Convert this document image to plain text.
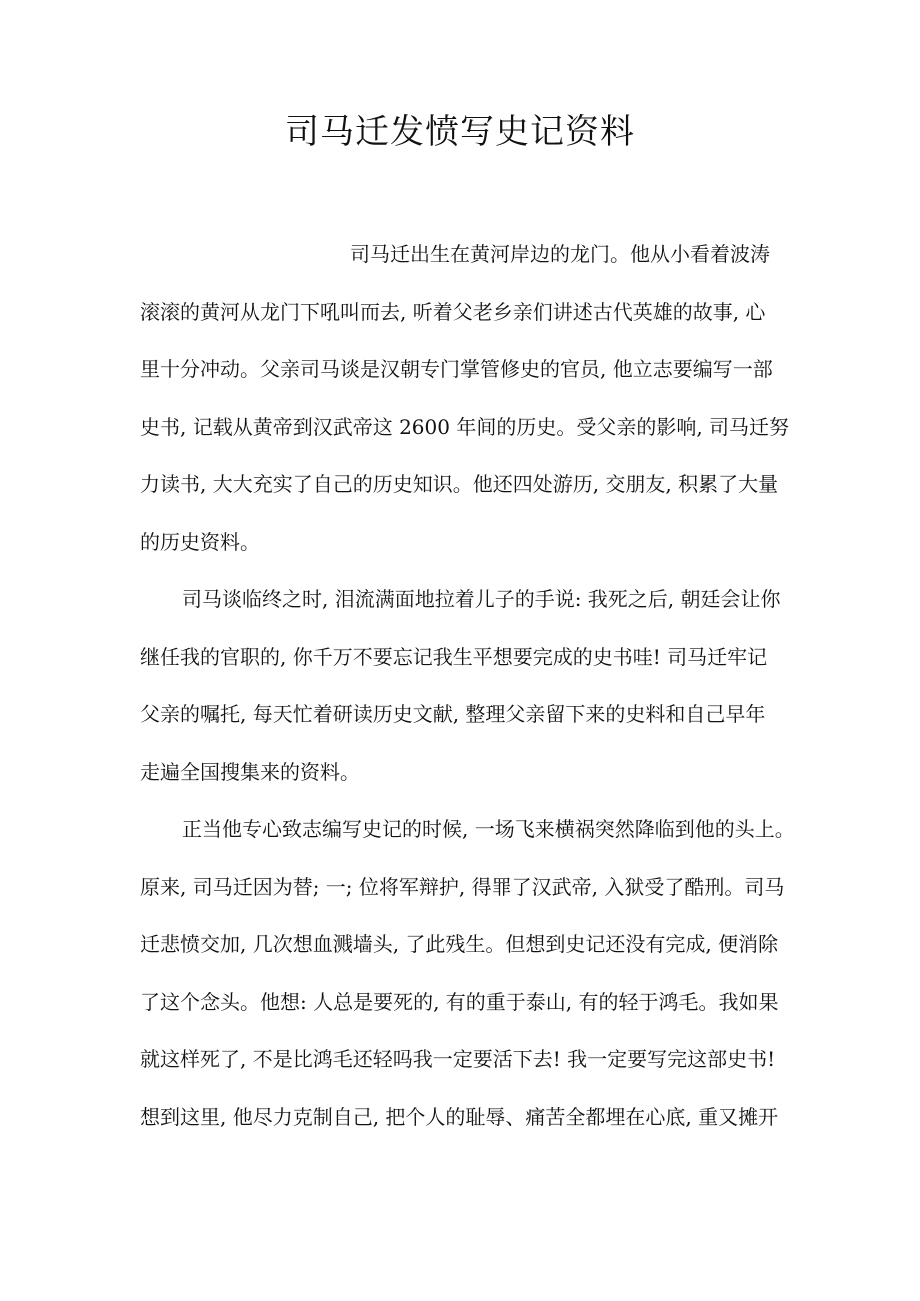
司马迁发愤写史记资料
司马迁出生在黄河岸边的龙门。他从小看着波涛
滚滚的黄河从龙门下吼叫而去, 听着父老乡亲们讲述古代英雄的故事, 心
里十分冲动。父亲司马谈是汉朝专门掌管修史的官员, 他立志要编写一部
史书, 记载从黄帝到汉武帝这 2600 年间的历史。受父亲的影响, 司马迁努
力读书, 大大充实了自己的历史知识。他还四处游历, 交朋友, 积累了大量
的历史资料。
司马谈临终之时, 泪流满面地拉着儿子的手说: 我死之后, 朝廷会让你
继任我的官职的, 你千万不要忘记我生平想要完成的史书哇! 司马迁牢记
父亲的嘱托, 每天忙着研读历史文献, 整理父亲留下来的史料和自己早年
走遍全国搜集来的资料。
正当他专心致志编写史记的时候, 一场飞来横祸突然降临到他的头上。
原来, 司马迁因为替; 一; 位将军辩护, 得罪了汉武帝, 入狱受了酷刑。司马
迁悲愤交加, 几次想血溅墙头, 了此残生。但想到史记还没有完成, 便消除
了这个念头。他想: 人总是要死的, 有的重于泰山, 有的轻于鸿毛。我如果
就这样死了, 不是比鸿毛还轻吗我一定要活下去! 我一定要写完这部史书!
想到这里, 他尽力克制自己, 把个人的耻辱、痛苦全都埋在心底, 重又摊开
